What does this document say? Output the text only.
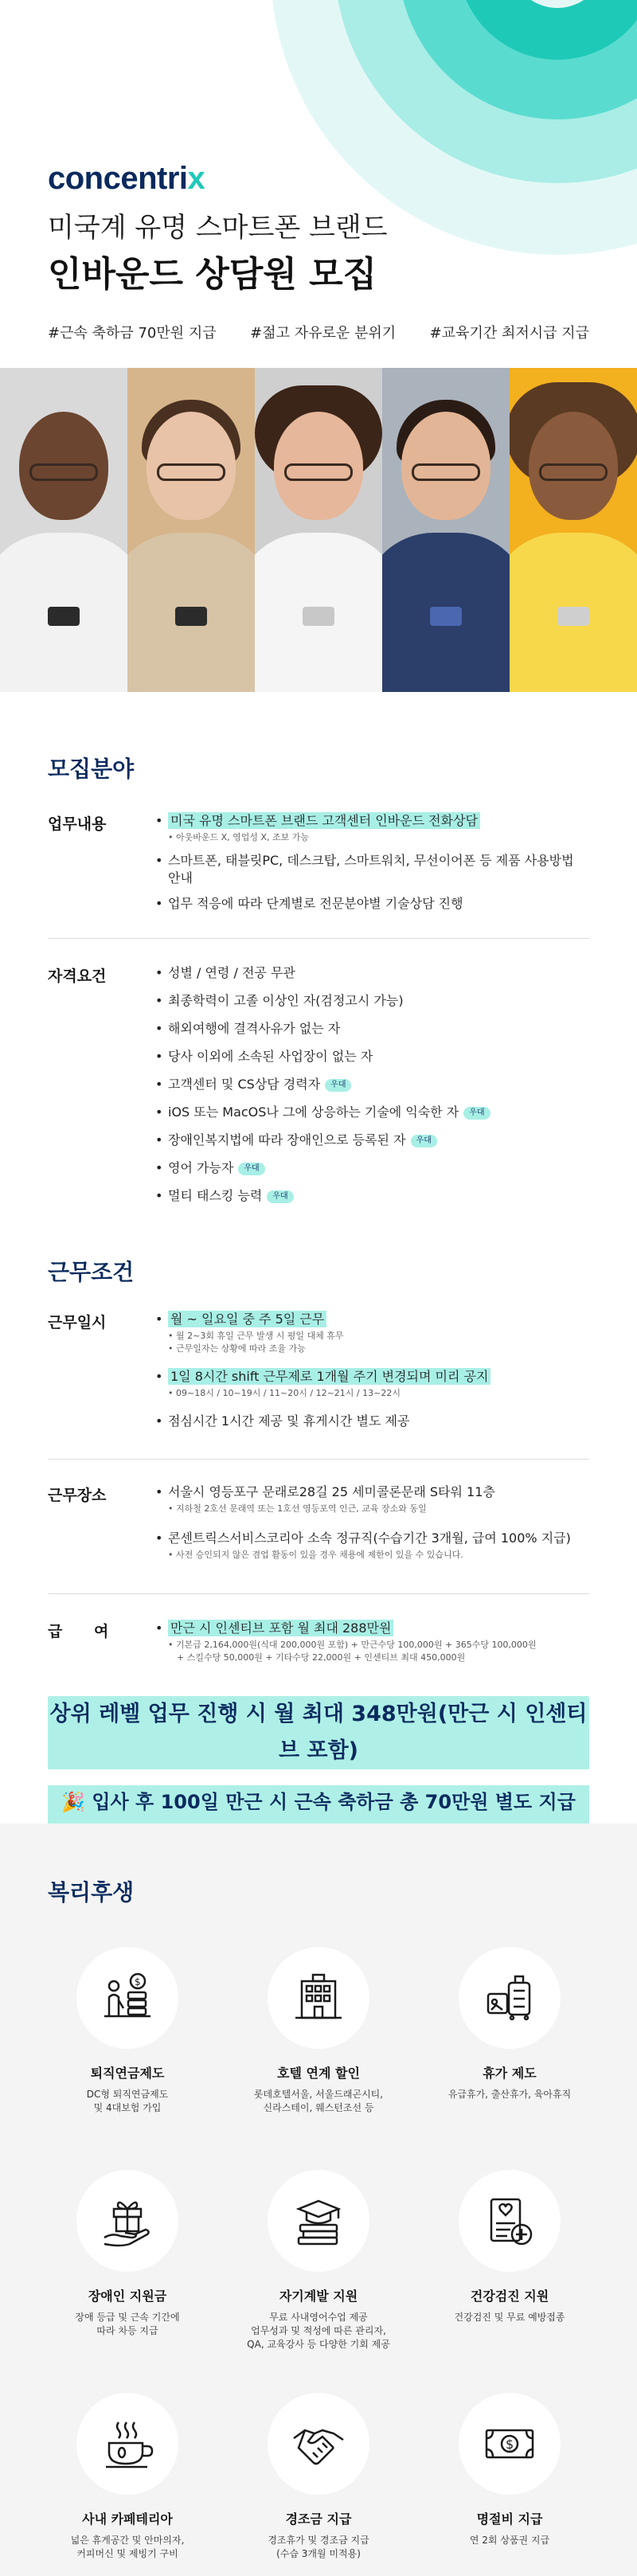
concentrix
미국계 유명 스마트폰 브랜드
인바운드 상담원 모집
#근속 축하금 70만원 지급 #젊고 자유로운 분위기 #교육기간 최저시급 지급
모집분야
업무내용	• 미국 유명 스마트폰 브랜드 고객센터 인바운드 전화상담
• 아웃바운드 X, 영업성 X, 조보 가능
• 스마트폰, 태블릿PC, 데스크탑, 스마트워치, 무선이어폰 등 제품 사용방법 안내
• 업무 적응에 따라 단계별로 전문분야별 기술상담 진행
자격요건	• 성별 / 연령 / 전공 무관
• 최종학력이 고졸 이상인 자(검정고시 가능)
• 해외여행에 결격사유가 없는 자
• 당사 이외에 소속된 사업장이 없는 자
• 고객센터 및 CS상담 경력자 우대
• iOS 또는 MacOS나 그에 상응하는 기술에 익숙한 자 우대
• 장애인복지법에 따라 장애인으로 등록된 자 우대
• 영어 가능자 우대
• 멀티 태스킹 능력 우대
근무조건
근무일시	• 월 ~ 일요일 중 주 5일 근무
• 월 2~3회 휴일 근무 발생 시 평일 대체 휴무
• 근무일자는 상황에 따라 조율 가능
• 1일 8시간 shift 근무제로 1개월 주기 변경되며 미리 공지
• 09~18시 / 10~19시 / 11~20시 / 12~21시 / 13~22시
• 점심시간 1시간 제공 및 휴게시간 별도 제공
근무장소	• 서울시 영등포구 문래로28길 25 세미콜론문래 S타워 11층
• 지하철 2호선 문래역 또는 1호선 영등포역 인근, 교육 장소와 동일
• 콘센트릭스서비스코리아 소속 정규직(수습기간 3개월, 급여 100% 지급)
• 사전 승인되지 않은 겸업 활동이 있을 경우 채용에 제한이 있을 수 있습니다.
급      여	• 만근 시 인센티브 포함 월 최대 288만원
• 기본급 2,164,000원(식대 200,000원 포함) + 만근수당 100,000원 + 365수당 100,000원
+ 스킬수당 50,000원 + 기타수당 22,000원 + 인센티브 최대 450,000원
상위 레벨 업무 진행 시 월 최대 348만원(만근 시 인센티브 포함)
🎉 입사 후 100일 만근 시 근속 축하금 총 70만원 별도 지급
복리후생
$
퇴직연금제도
DC형 퇴직연금제도
및 4대보험 가입
호텔 연계 할인
롯데호텔서울, 서울드래곤시티,
신라스테이, 웨스턴조선 등
휴가 제도
유급휴가, 출산휴가, 육아휴직
장애인 지원금
장애 등급 및 근속 기간에
따라 차등 지급
자기계발 지원
무료 사내영어수업 제공
업무성과 및 적성에 따른 관리자,
QA, 교육강사 등 다양한 기회 제공
건강검진 지원
건강검진 및 무료 예방접종
사내 카페테리아
넓은 휴게공간 및 안마의자,
커피머신 및 제빙기 구비
경조금 지급
경조휴가 및 경조금 지급
(수습 3개월 미적용)
$
명절비 지급
연 2회 상품권 지급
